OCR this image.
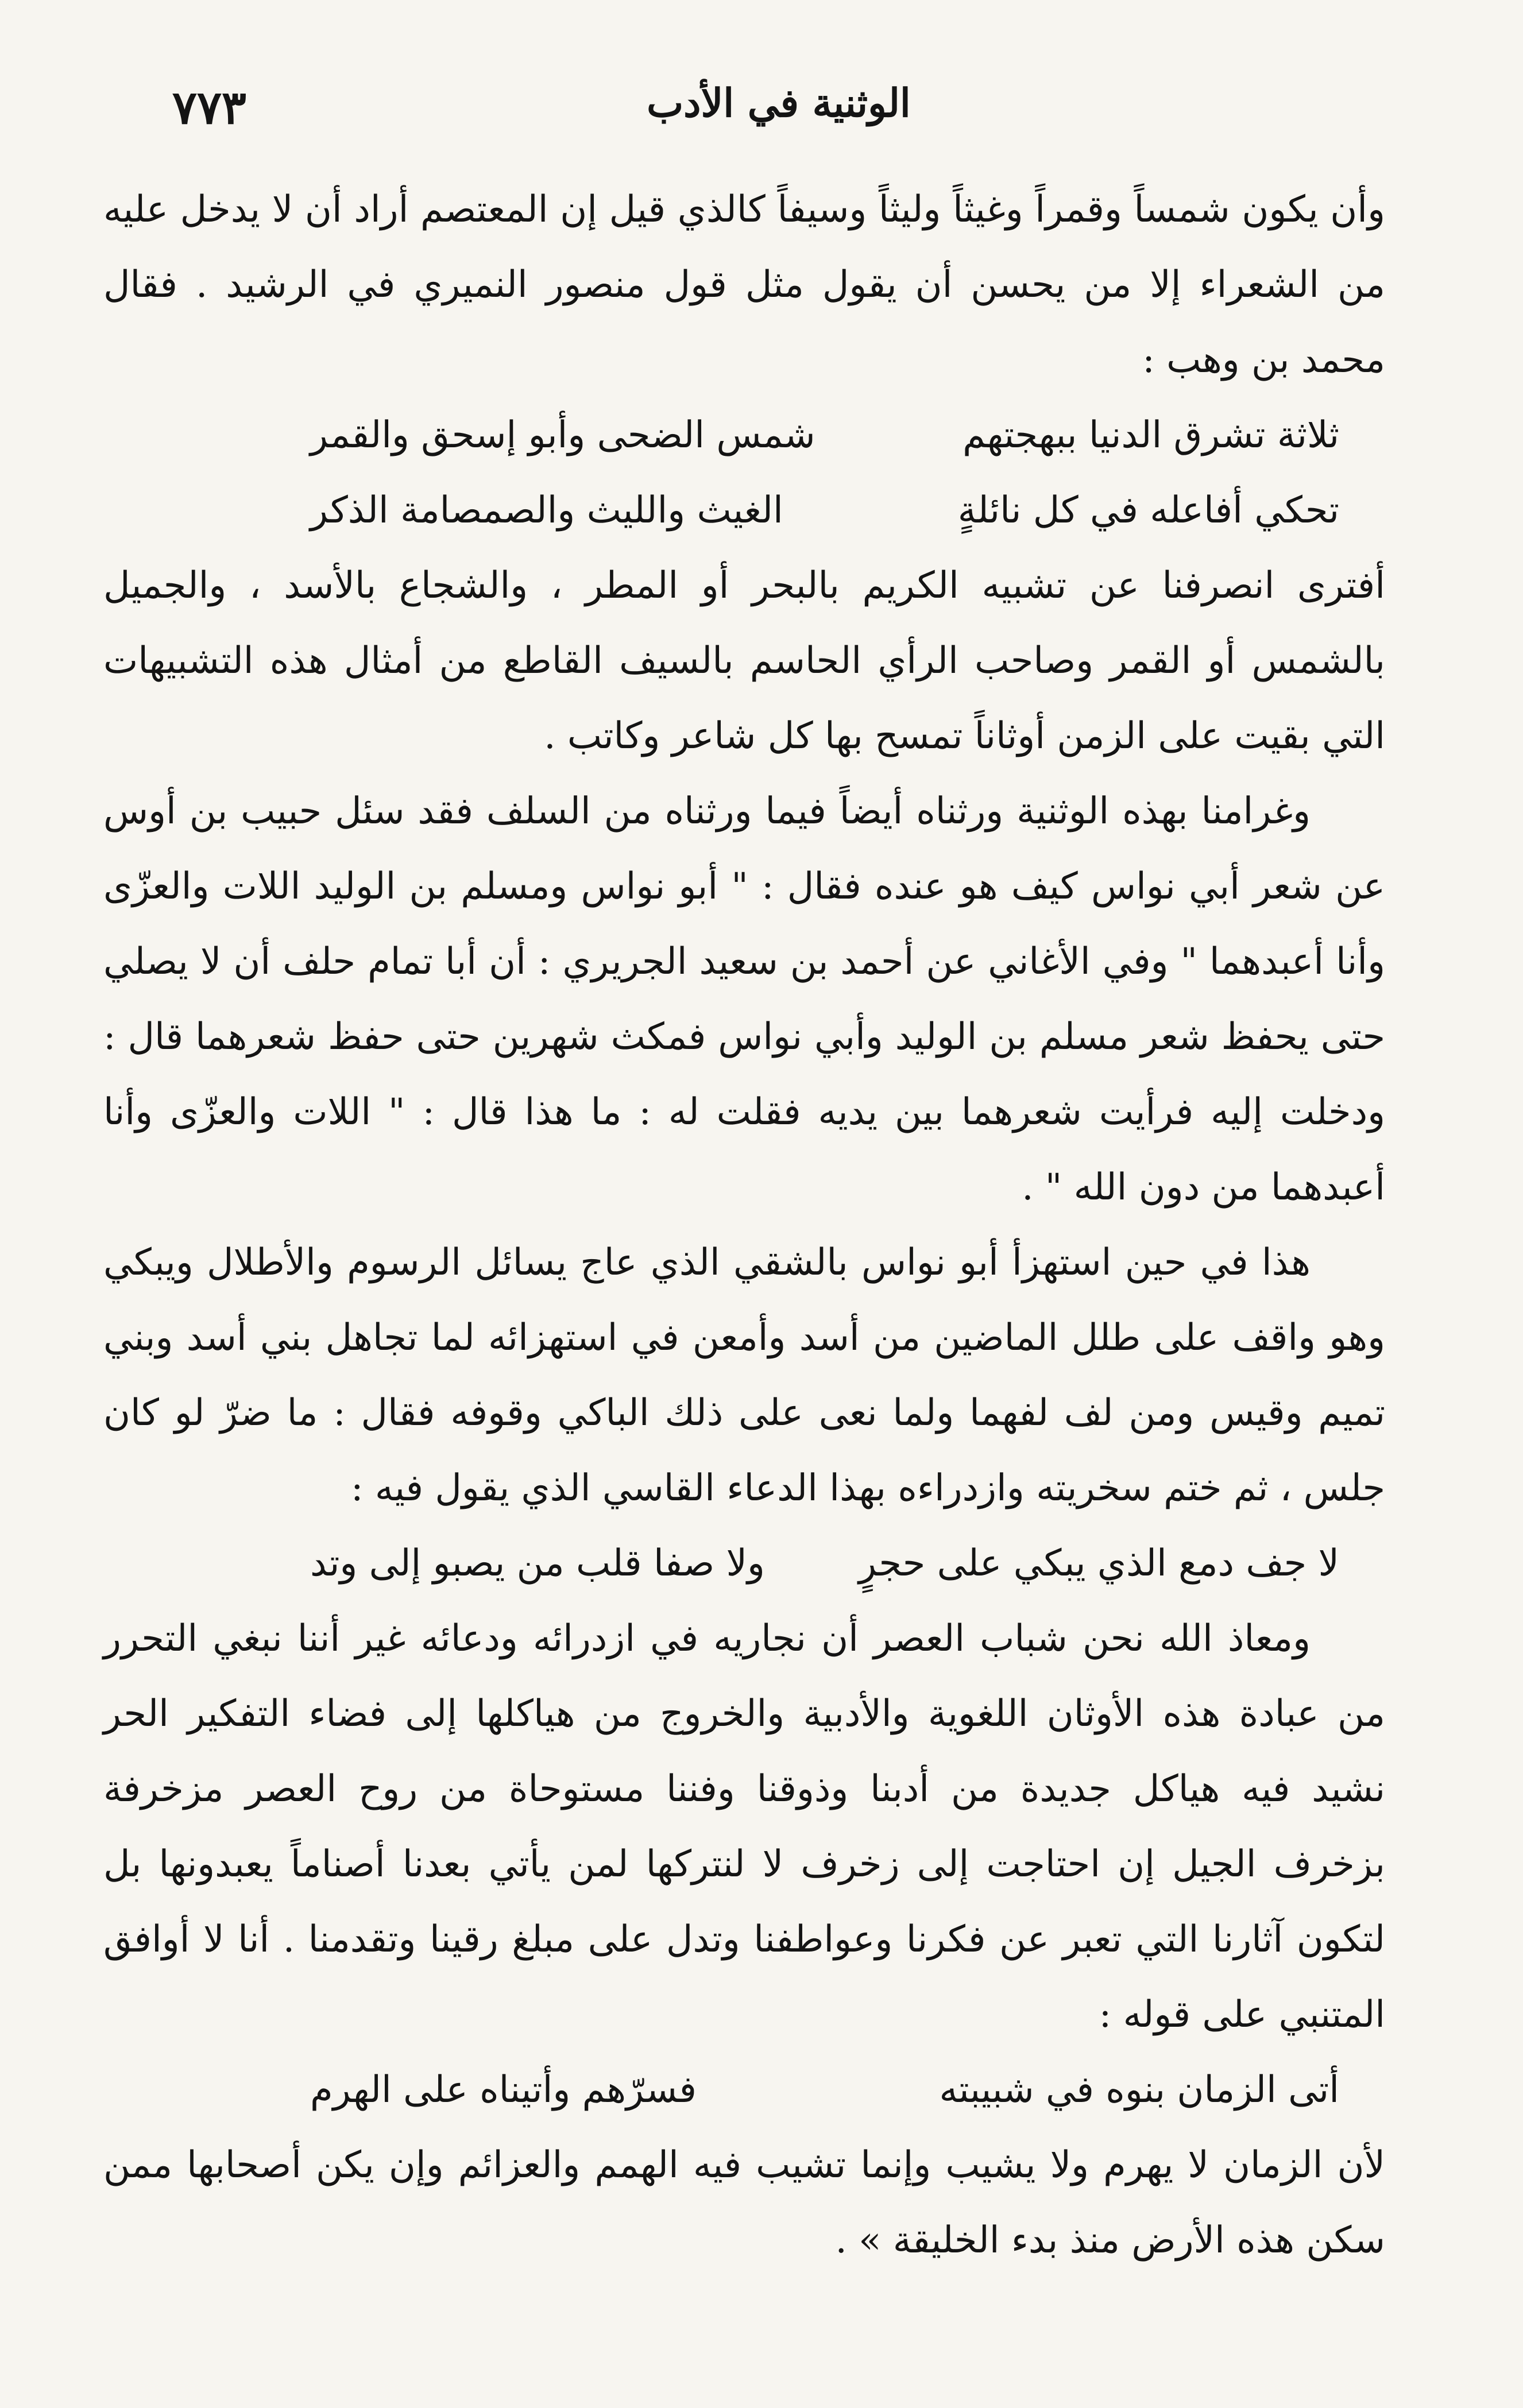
الوثنية في الأدب
٧٧٣

وأن يكون شمساً وقمراً وغيثاً وليثاً وسيفاً كالذي قيل إن المعتصم أراد أن لا يدخل عليه من الشعراء إلا من يحسن أن يقول مثل قول منصور النميري في الرشيد . فقال محمد بن وهب :

ثلاثة تشرق الدنيا ببهجتهم
شمس الضحى وأبو إسحق والقمر
تحكي أفاعله في كل نائلةٍ
الغيث والليث والصمصامة الذكر

أفترى انصرفنا عن تشبيه الكريم بالبحر أو المطر ، والشجاع بالأسد ، والجميل بالشمس أو القمر وصاحب الرأي الحاسم بالسيف القاطع من أمثال هذه التشبيهات التي بقيت على الزمن أوثاناً تمسح بها كل شاعر وكاتب .

وغرامنا بهذه الوثنية ورثناه أيضاً فيما ورثناه من السلف فقد سئل حبيب بن أوس عن شعر أبي نواس كيف هو عنده فقال : " أبو نواس ومسلم بن الوليد اللات والعزّى وأنا أعبدهما " وفي الأغاني عن أحمد بن سعيد الجريري : أن أبا تمام حلف أن لا يصلي حتى يحفظ شعر مسلم بن الوليد وأبي نواس فمكث شهرين حتى حفظ شعرهما قال : ودخلت إليه فرأيت شعرهما بين يديه فقلت له : ما هذا قال : " اللات والعزّى وأنا أعبدهما من دون الله " .

هذا في حين استهزأ أبو نواس بالشقي الذي عاج يسائل الرسوم والأطلال ويبكي وهو واقف على طلل الماضين من أسد وأمعن في استهزائه لما تجاهل بني أسد وبني تميم وقيس ومن لف لفهما ولما نعى على ذلك الباكي وقوفه فقال : ما ضرّ لو كان جلس ، ثم ختم سخريته وازدراءه بهذا الدعاء القاسي الذي يقول فيه :

لا جف دمع الذي يبكي على حجرٍ
ولا صفا قلب من يصبو إلى وتد

ومعاذ الله نحن شباب العصر أن نجاريه في ازدرائه ودعائه غير أننا نبغي التحرر من عبادة هذه الأوثان اللغوية والأدبية والخروج من هياكلها إلى فضاء التفكير الحر نشيد فيه هياكل جديدة من أدبنا وذوقنا وفننا مستوحاة من روح العصر مزخرفة بزخرف الجيل إن احتاجت إلى زخرف لا لنتركها لمن يأتي بعدنا أصناماً يعبدونها بل لتكون آثارنا التي تعبر عن فكرنا وعواطفنا وتدل على مبلغ رقينا وتقدمنا . أنا لا أوافق المتنبي على قوله :

أتى الزمان بنوه في شبيبته
فسرّهم وأتيناه على الهرم

لأن الزمان لا يهرم ولا يشيب وإنما تشيب فيه الهمم والعزائم وإن يكن أصحابها ممن سكن هذه الأرض منذ بدء الخليقة » .
